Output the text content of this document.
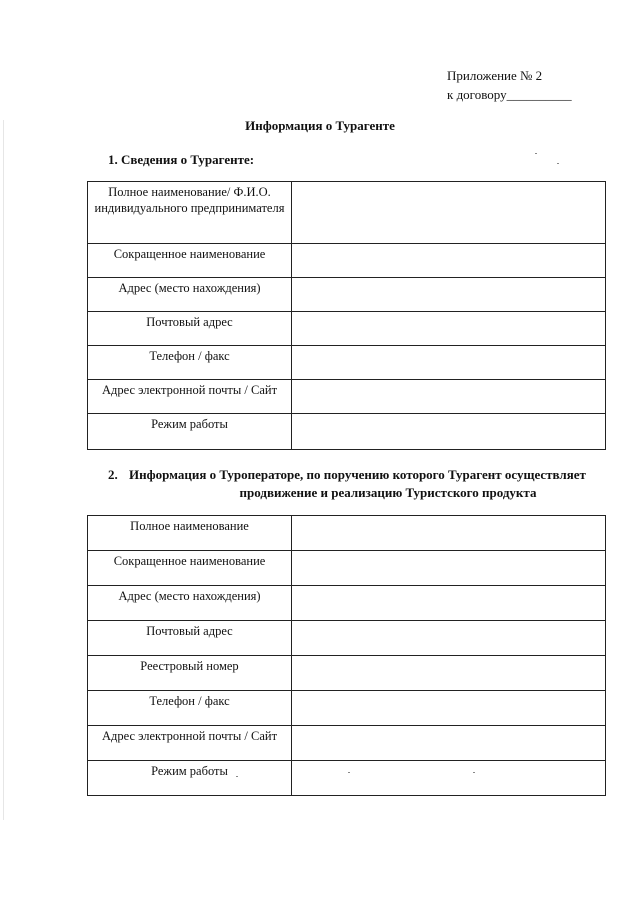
Приложение № 2
к договору__________
Информация о Турагенте
1. Сведения о Турагенте:
Полное наименование/ Ф.И.О. индивидуального предпринимателя	
Сокращенное наименование	
Адрес (место нахождения)	
Почтовый адрес	
Телефон / факс	
Адрес электронной почты / Сайт	
Режим работы	
2. Информация о Туроператоре, по поручению которого Турагент осуществляет
продвижение и реализацию Туристского продукта
Полное наименование	
Сокращенное наименование	
Адрес (место нахождения)	
Почтовый адрес	
Реестровый номер	
Телефон / факс	
Адрес электронной почты / Сайт	
Режим работы	
